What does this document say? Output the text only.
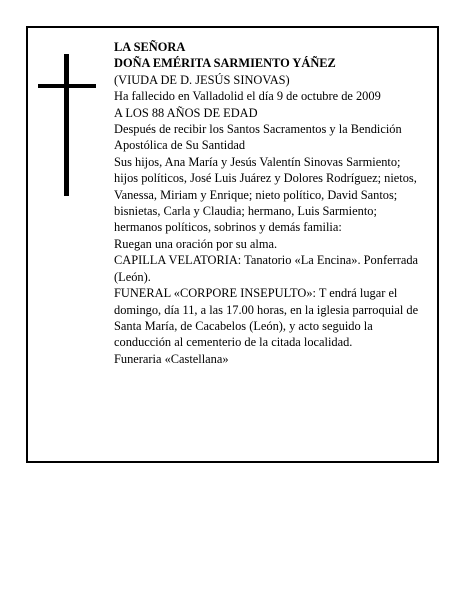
LA SEÑORA

DOÑA EMÉRITA SARMIENTO YÁÑEZ

(VIUDA DE D. JESÚS SINOVAS)

Ha fallecido en Valladolid el día 9 de octubre de 2009

A LOS 88 AÑOS DE EDAD

Después de recibir los Santos Sacramentos y la Bendición Apostólica de Su Santidad

Sus hijos, Ana María y Jesús Valentín Sinovas Sarmiento; hijos políticos, José Luis Juárez y Dolores Rodríguez; nietos, Vanessa, Miriam y Enrique; nieto político, David Santos; bisnietas, Carla y Claudia; hermano, Luis Sarmiento; hermanos políticos, sobrinos y demás familia:

Ruegan una oración por su alma.

CAPILLA VELATORIA: Tanatorio «La Encina». Ponferrada (León).

FUNERAL «CORPORE INSEPULTO»: T endrá lugar el domingo, día 11, a las 17.00 horas, en la iglesia parroquial de Santa María, de Cacabelos (León), y acto seguido la conducción al cementerio de la citada localidad.

Funeraria «Castellana»
